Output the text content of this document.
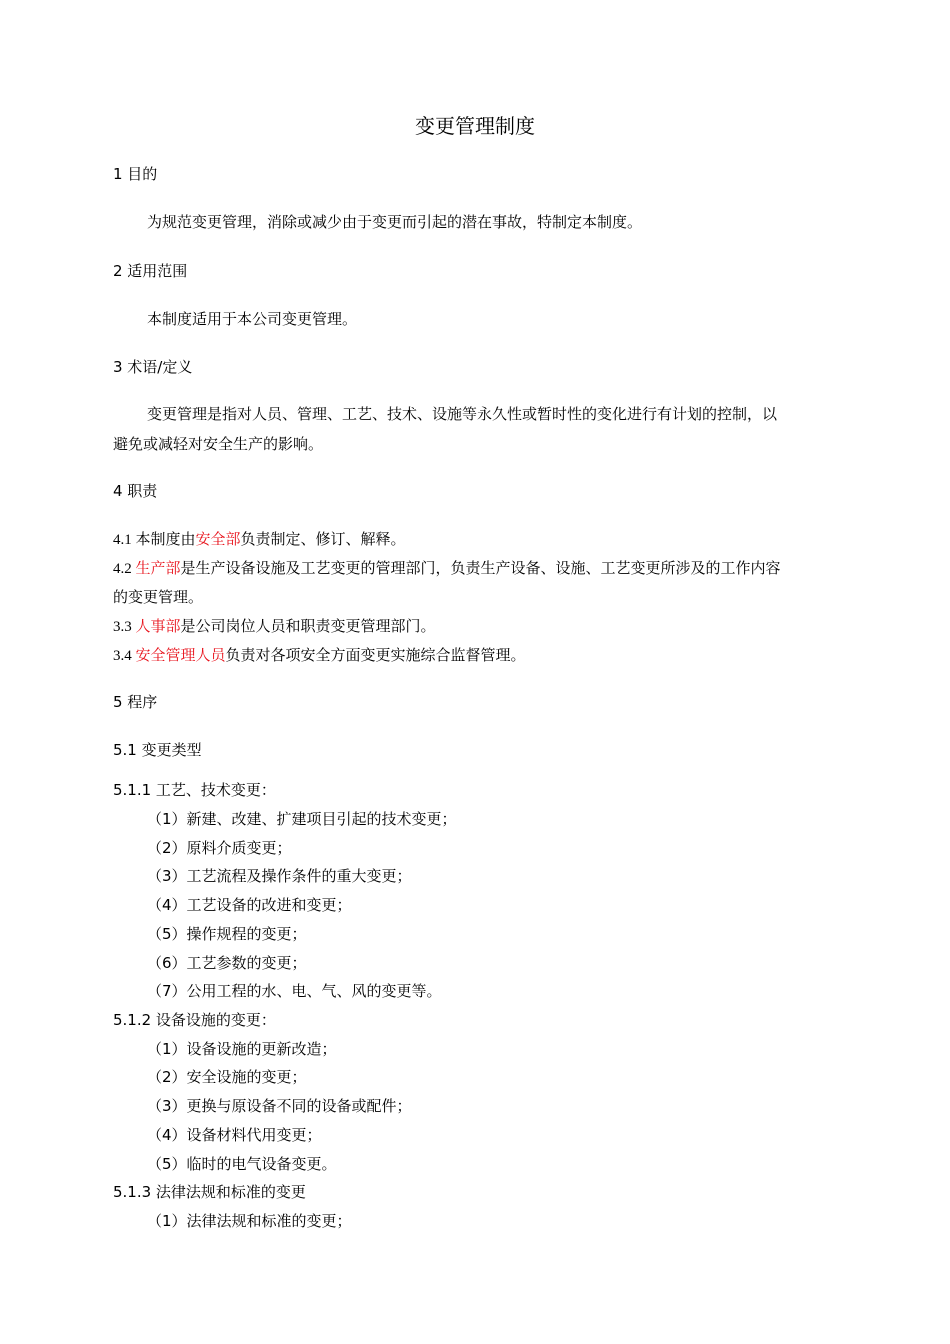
变更管理制度
1 目的
为规范变更管理，消除或减少由于变更而引起的潜在事故，特制定本制度。
2 适用范围
本制度适用于本公司变更管理。
3 术语/定义
变更管理是指对人员、管理、工艺、技术、设施等永久性或暂时性的变化进行有计划的控制，以
避免或减轻对安全生产的影响。
4 职责
4.1 本制度由安全部负责制定、修订、解释。
4.2 生产部是生产设备设施及工艺变更的管理部门，负责生产设备、设施、工艺变更所涉及的工作内容
的变更管理。
3.3 人事部是公司岗位人员和职责变更管理部门。
3.4 安全管理人员负责对各项安全方面变更实施综合监督管理。
5 程序
5.1 变更类型
5.1.1 工艺、技术变更：
（1）新建、改建、扩建项目引起的技术变更；
（2）原料介质变更；
（3）工艺流程及操作条件的重大变更；
（4）工艺设备的改进和变更；
（5）操作规程的变更；
（6）工艺参数的变更；
（7）公用工程的水、电、气、风的变更等。
5.1.2 设备设施的变更：
（1）设备设施的更新改造；
（2）安全设施的变更；
（3）更换与原设备不同的设备或配件；
（4）设备材料代用变更；
（5）临时的电气设备变更。
5.1.3 法律法规和标准的变更
（1）法律法规和标准的变更；
